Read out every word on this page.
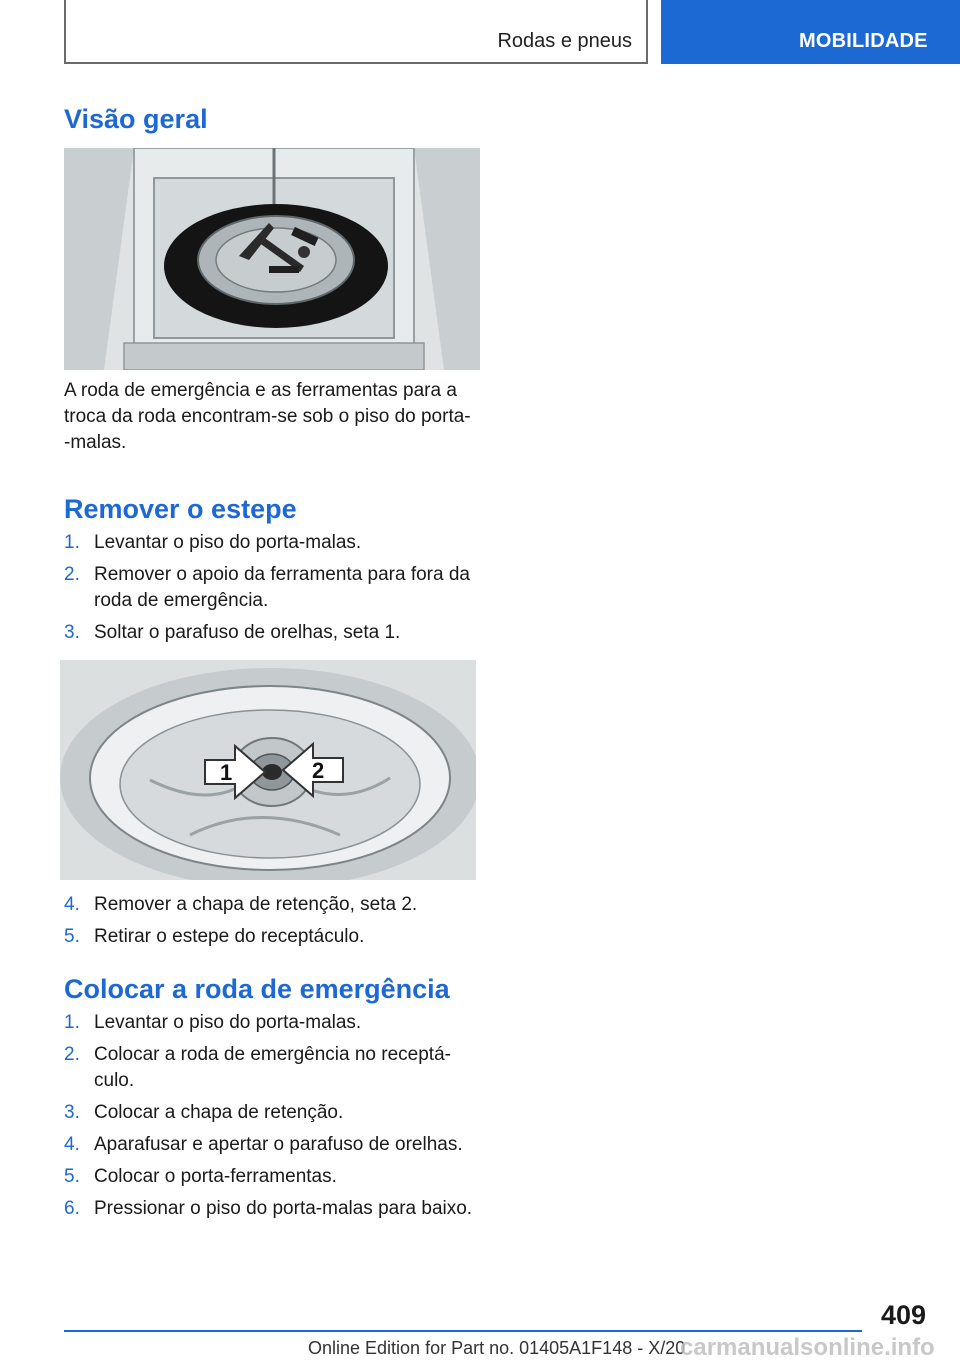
Rodas e pneus	MOBILIDADE
Visão geral

A roda de emergência e as ferramentas para a
troca da roda encontram-se sob o piso do porta-
-malas.

Remover o estepe
1. Levantar o piso do porta-malas.
2. Remover o apoio da ferramenta para fora da
roda de emergência.
3. Soltar o parafuso de orelhas, seta 1.
1	2
4. Remover a chapa de retenção, seta 2.
5. Retirar o estepe do receptáculo.
Colocar a roda de emergência
1. Levantar o piso do porta-malas.
2. Colocar a roda de emergência no receptá-
culo.
3. Colocar a chapa de retenção.
4. Aparafusar e apertar o parafuso de orelhas.
5. Colocar o porta-ferramentas.
6. Pressionar o piso do porta-malas para baixo.
409
Online Edition for Part no. 01405A1F148 - X/20
carmanualsonline.info
